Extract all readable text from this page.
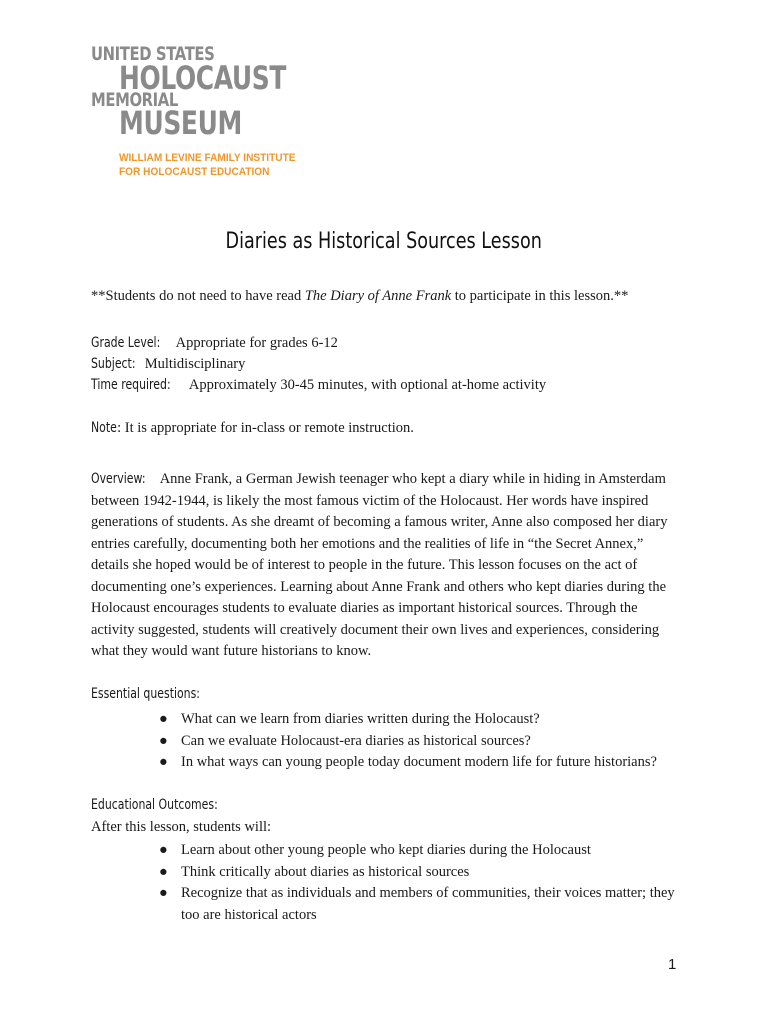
UNITED STATES
HOLOCAUST
MEMORIAL
MUSEUM
WILLIAM LEVINE FAMILY INSTITUTE
FOR HOLOCAUST EDUCATION
Diaries as Historical Sources Lesson
**Students do not need to have read The Diary of Anne Frank to participate in this lesson.**
Grade Level: Appropriate for grades 6-12
Subject: Multidisciplinary
Time required: Approximately 30-45 minutes, with optional at-home activity
Note: It is appropriate for in-class or remote instruction.
Overview: Anne Frank, a German Jewish teenager who kept a diary while in hiding in Amsterdam between 1942-1944, is likely the most famous victim of the Holocaust. Her words have inspired generations of students. As she dreamt of becoming a famous writer, Anne also composed her diary entries carefully, documenting both her emotions and the realities of life in “the Secret Annex,” details she hoped would be of interest to people in the future. This lesson focuses on the act of documenting one’s experiences. Learning about Anne Frank and others who kept diaries during the Holocaust encourages students to evaluate diaries as important historical sources. Through the activity suggested, students will creatively document their own lives and experiences, considering what they would want future historians to know.
Essential questions:
● What can we learn from diaries written during the Holocaust?
● Can we evaluate Holocaust-era diaries as historical sources?
● In what ways can young people today document modern life for future historians?
Educational Outcomes:
After this lesson, students will:
● Learn about other young people who kept diaries during the Holocaust
● Think critically about diaries as historical sources
● Recognize that as individuals and members of communities, their voices matter; they too are historical actors
1
